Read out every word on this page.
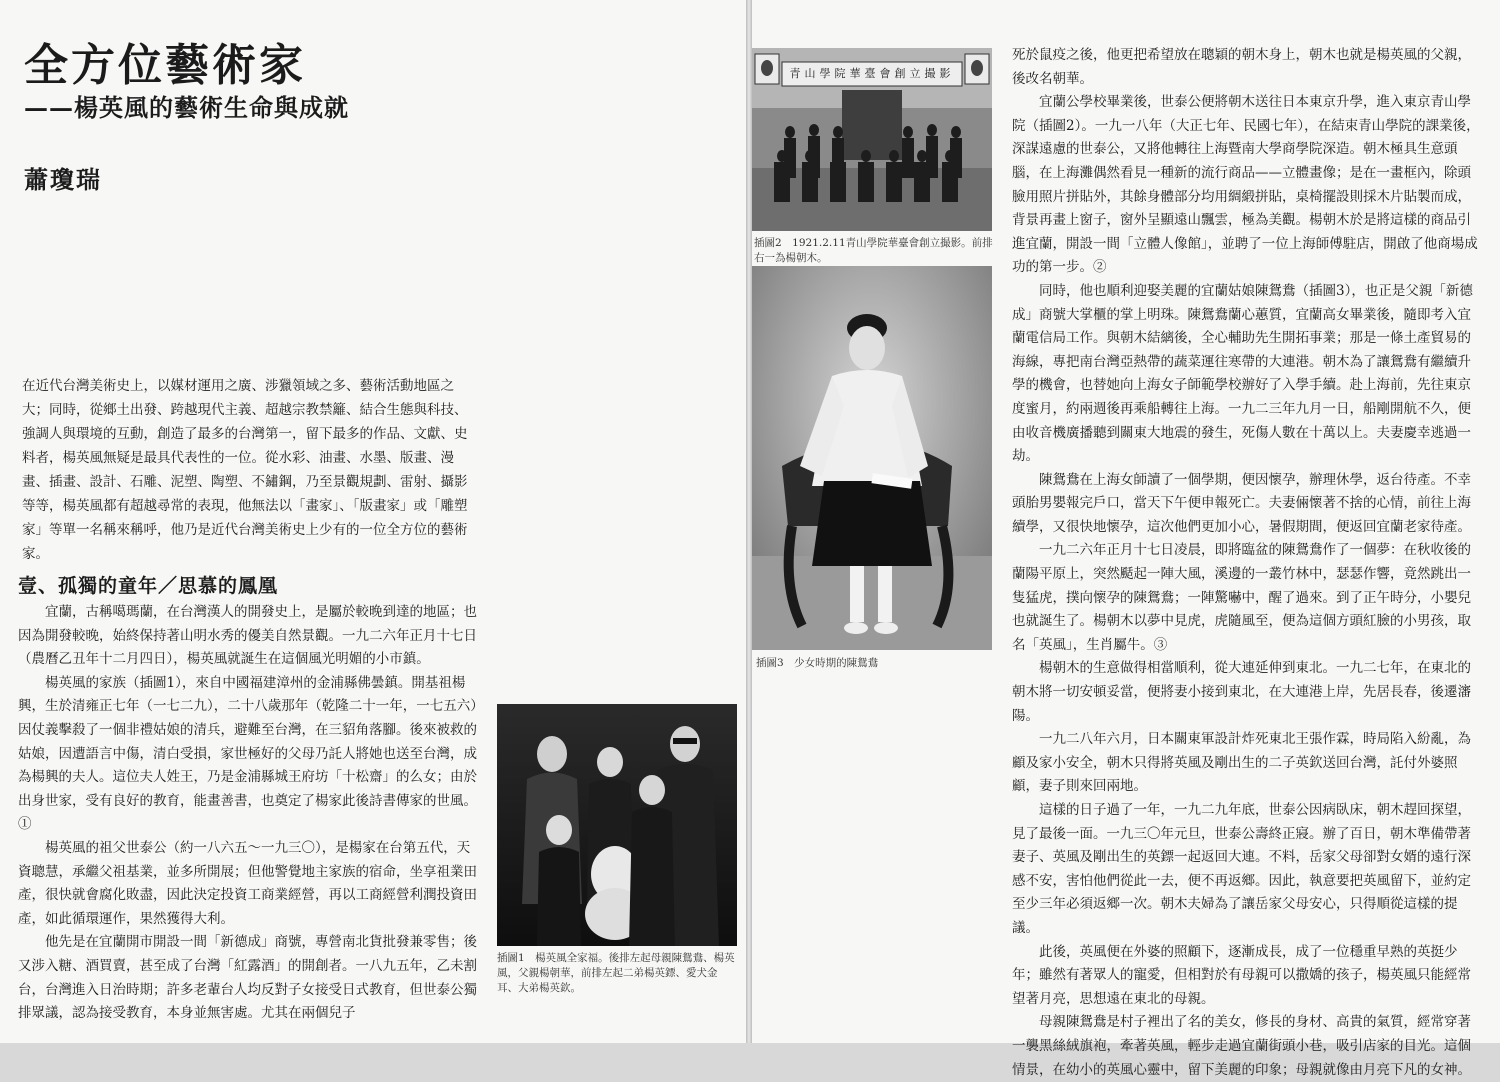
全方位藝術家
——楊英風的藝術生命與成就
蕭瓊瑞

在近代台灣美術史上，以媒材運用之廣、涉獵領域之多、藝術活動地區之大；同時，從鄉土出發、跨越現代主義、超越宗教禁籬、結合生態與科技、強調人與環境的互動，創造了最多的台灣第一，留下最多的作品、文獻、史料者，楊英風無疑是最具代表性的一位。從水彩、油畫、水墨、版畫、漫畫、插畫、設計、石雕、泥塑、陶塑、不鏽鋼，乃至景觀規劃、雷射、攝影等等，楊英風都有超越尋常的表現，他無法以「畫家」、「版畫家」或「雕塑家」等單一名稱來稱呼，他乃是近代台灣美術史上少有的一位全方位的藝術家。

壹、孤獨的童年／思慕的鳳凰

宜蘭，古稱噶瑪蘭，在台灣漢人的開發史上，是屬於較晚到達的地區；也因為開發較晚，始終保持著山明水秀的優美自然景觀。一九二六年正月十七日（農曆乙丑年十二月四日），楊英風就誕生在這個風光明媚的小市鎮。

楊英風的家族（插圖1），來自中國福建漳州的金浦縣佛曇鎮。開基祖楊興，生於清雍正七年（一七二九），二十八歲那年（乾隆二十一年，一七五六）因仗義擊殺了一個非禮姑娘的清兵，避難至台灣，在三貂角落腳。後來被救的姑娘，因遭語言中傷，清白受損，家世極好的父母乃託人將她也送至台灣，成為楊興的夫人。這位夫人姓王，乃是金浦縣城王府坊「十松齋」的么女；由於出身世家，受有良好的教育，能畫善書，也奠定了楊家此後詩書傳家的世風。①

楊英風的祖父世泰公（約一八六五～一九三〇），是楊家在台第五代，天資聰慧，承繼父祖基業，並多所開展；但他警覺地主家族的宿命，坐享祖業田產，很快就會腐化敗盡，因此決定投資工商業經營，再以工商經營利潤投資田產，如此循環運作，果然獲得大利。

他先是在宜蘭開市開設一間「新德成」商號，專營南北貨批發兼零售；後又涉入糖、酒買賣，甚至成了台灣「紅露酒」的開創者。一八九五年，乙未割台，台灣進入日治時期；許多老輩台人均反對子女接受日式教育，但世泰公獨排眾議，認為接受教育，本身並無害處。尤其在兩個兒子

插圖1　楊英風全家福。後排左起母親陳鴛鴦、楊英風，父親楊朝華，前排左起二弟楊英鏢、愛犬金耳、大弟楊英欽。

青山學院華臺會創立撮影

插圖2　1921.2.11青山學院華臺會創立撮影。前排右一為楊朝木。

插圖3　少女時期的陳鴛鴦

死於鼠疫之後，他更把希望放在聰穎的朝木身上，朝木也就是楊英風的父親，後改名朝華。

宜蘭公學校畢業後，世泰公便將朝木送往日本東京升學，進入東京青山學院（插圖2）。一九一八年（大正七年、民國七年），在結束青山學院的課業後，深謀遠慮的世泰公，又將他轉往上海暨南大學商學院深造。朝木極具生意頭腦，在上海灘偶然看見一種新的流行商品——立體畫像；是在一畫框內，除頭臉用照片拼貼外，其餘身體部分均用綢緞拼貼，桌椅擺設則採木片貼製而成，背景再畫上窗子，窗外呈顯遠山飄雲，極為美觀。楊朝木於是將這樣的商品引進宜蘭，開設一間「立體人像館」，並聘了一位上海師傅駐店，開啟了他商場成功的第一步。②

同時，他也順利迎娶美麗的宜蘭姑娘陳鴛鴦（插圖3），也正是父親「新德成」商號大掌櫃的掌上明珠。陳鴛鴦蘭心蕙質，宜蘭高女畢業後，隨即考入宜蘭電信局工作。與朝木結縭後，全心輔助先生開拓事業；那是一條土產貿易的海線，專把南台灣亞熱帶的蔬菜運往寒帶的大連港。朝木為了讓鴛鴦有繼續升學的機會，也替她向上海女子師範學校辦好了入學手續。赴上海前，先往東京度蜜月，約兩週後再乘船轉往上海。一九二三年九月一日，船剛開航不久，便由收音機廣播聽到關東大地震的發生，死傷人數在十萬以上。夫妻慶幸逃過一劫。

陳鴛鴦在上海女師讀了一個學期，便因懷孕，辦理休學，返台待產。不幸頭胎男嬰報完戶口，當天下午便申報死亡。夫妻倆懷著不捨的心情，前往上海續學，又很快地懷孕，這次他們更加小心，暑假期間，便返回宜蘭老家待產。

一九二六年正月十七日凌晨，即將臨盆的陳鴛鴦作了一個夢：在秋收後的蘭陽平原上，突然颳起一陣大風，溪邊的一叢竹林中，瑟瑟作響，竟然跳出一隻猛虎，撲向懷孕的陳鴛鴦；一陣驚嚇中，醒了過來。到了正午時分，小嬰兒也就誕生了。楊朝木以夢中見虎，虎隨風至，便為這個方頭紅臉的小男孩，取名「英風」，生肖屬牛。③

楊朝木的生意做得相當順利，從大連延伸到東北。一九二七年，在東北的朝木將一切安頓妥當，便將妻小接到東北，在大連港上岸，先居長春，後遷瀋陽。

一九二八年六月，日本關東軍設計炸死東北王張作霖，時局陷入紛亂，為顧及家小安全，朝木只得將英風及剛出生的二子英欽送回台灣，託付外婆照顧，妻子則來回兩地。

這樣的日子過了一年，一九二九年底，世泰公因病臥床，朝木趕回探望，見了最後一面。一九三〇年元旦，世泰公壽終正寢。辦了百日，朝木準備帶著妻子、英風及剛出生的英鏢一起返回大連。不料，岳家父母卻對女婿的遠行深感不安，害怕他們從此一去，便不再返鄉。因此，執意要把英風留下，並約定至少三年必須返鄉一次。朝木夫婦為了讓岳家父母安心，只得順從這樣的提議。

此後，英風便在外婆的照顧下，逐漸成長，成了一位穩重早熟的英挺少年；雖然有著眾人的寵愛，但相對於有母親可以撒嬌的孩子，楊英風只能經常望著月亮，思想遠在東北的母親。

母親陳鴛鴦是村子裡出了名的美女，修長的身材、高貴的氣質，經常穿著一襲黑絲絨旗袍，牽著英風，輕步走過宜蘭街頭小巷，吸引店家的目光。這個情景，在幼小的英風心靈中，留下美麗的印象；母親就像由月亮下凡的女神。
